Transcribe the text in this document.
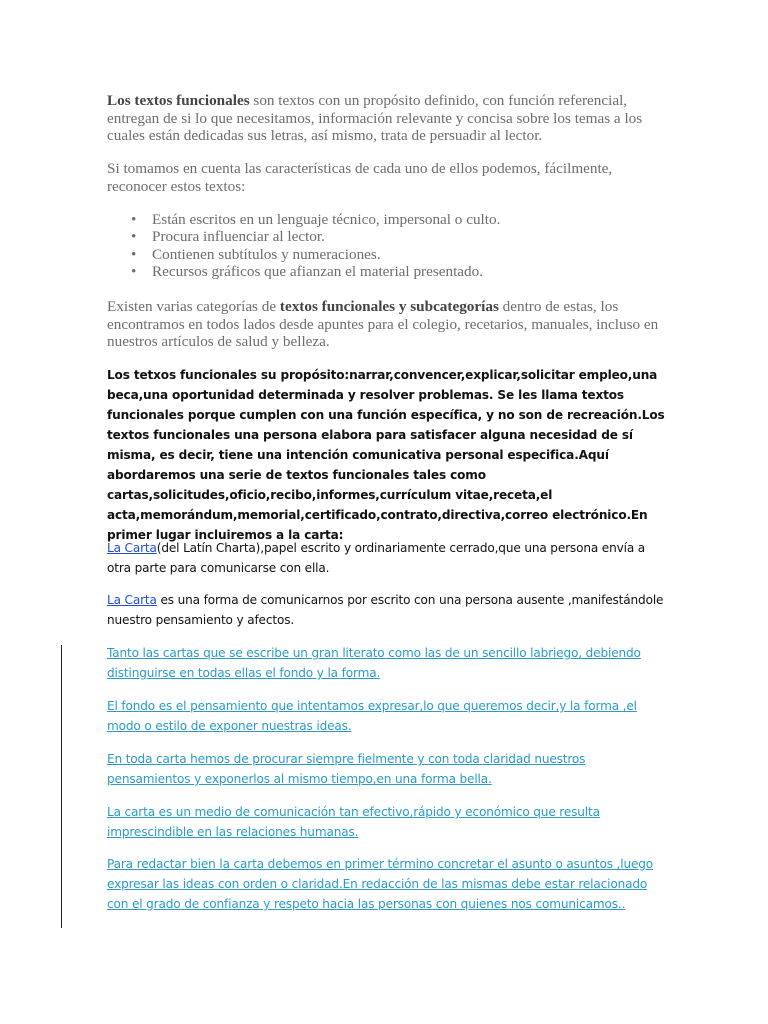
Los textos funcionales son textos con un propósito definido, con función referencial, entregan de si lo que necesitamos, información relevante y concisa sobre los temas a los cuales están dedicadas sus letras, así mismo, trata de persuadir al lector.

Si tomamos en cuenta las características de cada uno de ellos podemos, fácilmente, reconocer estos textos:

• Están escritos en un lenguaje técnico, impersonal o culto.
• Procura influenciar al lector.
• Contienen subtítulos y numeraciones.
• Recursos gráficos que afianzan el material presentado.

Existen varias categorías de textos funcionales y subcategorías dentro de estas, los encontramos en todos lados desde apuntes para el colegio, recetarios, manuales, incluso en nuestros artículos de salud y belleza.

Los tetxos funcionales su propósito:narrar,convencer,explicar,solicitar empleo,una beca,una oportunidad determinada y resolver problemas. Se les llama textos funcionales porque cumplen con una función específica, y no son de recreación.Los textos funcionales una persona elabora para satisfacer alguna necesidad de sí misma, es decir, tiene una intención comunicativa personal especifica.Aquí abordaremos una serie de textos funcionales tales como cartas,solicitudes,oficio,recibo,informes,currículum vitae,receta,el acta,memorándum,memorial,certificado,contrato,directiva,correo electrónico.En primer lugar incluiremos a la carta:

La Carta(del Latín Charta),papel escrito y ordinariamente cerrado,que una persona envía a otra parte para comunicarse con ella.

La Carta es una forma de comunicarnos por escrito con una persona ausente ,manifestándole nuestro pensamiento y afectos.

Tanto las cartas que se escribe un gran literato como las de un sencillo labriego, debiendo distinguirse en todas ellas el fondo y la forma.
El fondo es el pensamiento que intentamos expresar,lo que queremos decir,y la forma ,el modo o estilo de exponer nuestras ideas.
En toda carta hemos de procurar siempre fielmente y con toda claridad nuestros pensamientos y exponerlos al mismo tiempo,en una forma bella.
La carta es un medio de comunicación tan efectivo,rápido y económico que resulta imprescindible en las relaciones humanas.
Para redactar bien la carta debemos en primer término concretar el asunto o asuntos ,luego expresar las ideas con orden o claridad.En redacción de las mismas debe estar relacionado con el grado de confianza y respeto hacia las personas con quienes nos comunicamos..
